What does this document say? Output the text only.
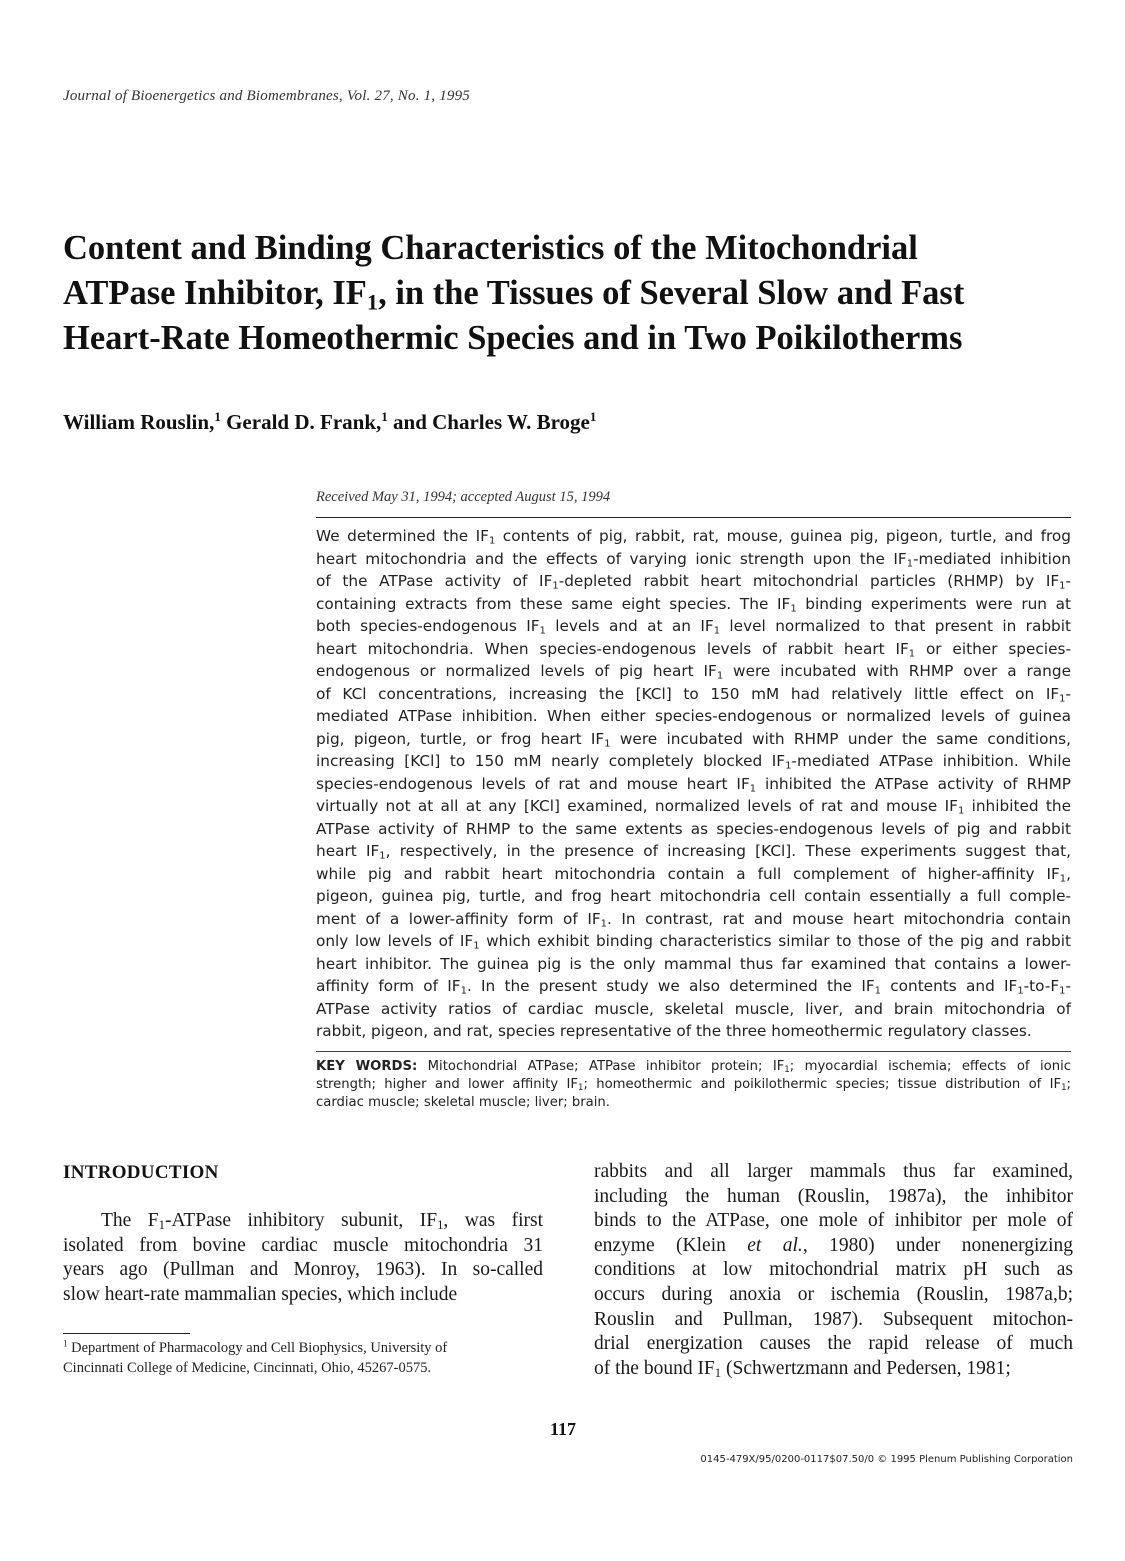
Journal of Bioenergetics and Biomembranes, Vol. 27, No. 1, 1995
Content and Binding Characteristics of the Mitochondrial
ATPase Inhibitor, $IF_1$, in the Tissues of Several Slow and Fast
Heart-Rate Homeothermic Species and in Two Poikilotherms
William Rouslin,$^1$ Gerald D. Frank,$^1$ and Charles W. Broge$^1$
Received May 31, 1994; accepted August 15, 1994
We determined the $IF_1$ contents of pig, rabbit, rat, mouse, guinea pig, pigeon, turtle, and frog
heart mitochondria and the effects of varying ionic strength upon the $IF_1$-mediated inhibition
of the ATPase activity of $IF_1$-depleted rabbit heart mitochondrial particles (RHMP) by $IF_1-$
containing extracts from these same eight species. The $IF_1$ binding experiments were run at
both species-endogenous $IF_1$ levels and at an $IF_1$ level normalized to that present in rabbit
heart mitochondria. When species-endogenous levels of rabbit heart $IF_1$ or either species-
endogenous or normalized levels of pig heart $IF_1$ were incubated with RHMP over a range
of KCl concentrations, increasing the [KCl] to 150 mM had relatively little effect on $IF_1-$
mediated ATPase inhibition. When either species-endogenous or normalized levels of guinea
pig, pigeon, turtle, or frog heart $IF_1$ were incubated with RHMP under the same conditions,
increasing [KCl] to 150 mM nearly completely blocked $IF_1$-mediated ATPase inhibition. While
species-endogenous levels of rat and mouse heart $IF_1$ inhibited the ATPase activity of RHMP
virtually not at all at any [KCl] examined, normalized levels of rat and mouse $IF_1$ inhibited the
ATPase activity of RHMP to the same extents as species-endogenous levels of pig and rabbit
heart $IF_1$, respectively, in the presence of increasing [KCl]. These experiments suggest that,
while pig and rabbit heart mitochondria contain a full complement of higher-affinity $IF_1$,
pigeon, guinea pig, turtle, and frog heart mitochondria cell contain essentially a full comple-
ment of a lower-affinity form of $IF_1$. In contrast, rat and mouse heart mitochondria contain
only low levels of $IF_1$ which exhibit binding characteristics similar to those of the pig and rabbit
heart inhibitor. The guinea pig is the only mammal thus far examined that contains a lower-
affinity form of $IF_1$. In the present study we also determined the $IF_1$ contents and $IF_1-to-F_1-$
ATPase activity ratios of cardiac muscle, skeletal muscle, liver, and brain mitochondria of
rabbit, pigeon, and rat, species representative of the three homeothermic regulatory classes.
KEY WORDS: Mitochondrial ATPase; ATPase inhibitor protein; $IF_1$; myocardial ischemia; effects of ionic
strength; higher and lower affinity $IF_1$; homeothermic and poikilothermic species; tissue distribution of $IF_1$;
cardiac muscle; skeletal muscle; liver; brain.
INTRODUCTION
The $F_1$-ATPase inhibitory subunit, $IF_1$, was first
isolated from bovine cardiac muscle mitochondria 31
years ago (Pullman and Monroy, 1963). In so-called
slow heart-rate mammalian species, which include
rabbits and all larger mammals thus far examined,
including the human (Rouslin, 1987a), the inhibitor
binds to the ATPase, one mole of inhibitor per mole of
enzyme (Klein et al., 1980) under nonenergizing
conditions at low mitochondrial matrix pH such as
occurs during anoxia or ischemia (Rouslin, 1987a,b;
Rouslin and Pullman, 1987). Subsequent mitochon-
drial energization causes the rapid release of much
of the bound $IF_1$ (Schwertzmann and Pedersen, 1981;
$^1$ Department of Pharmacology and Cell Biophysics, University of
Cincinnati College of Medicine, Cincinnati, Ohio, 45267-0575.
117
0145-479X/95/0200-0117$07.50/0 © 1995 Plenum Publishing Corporation
